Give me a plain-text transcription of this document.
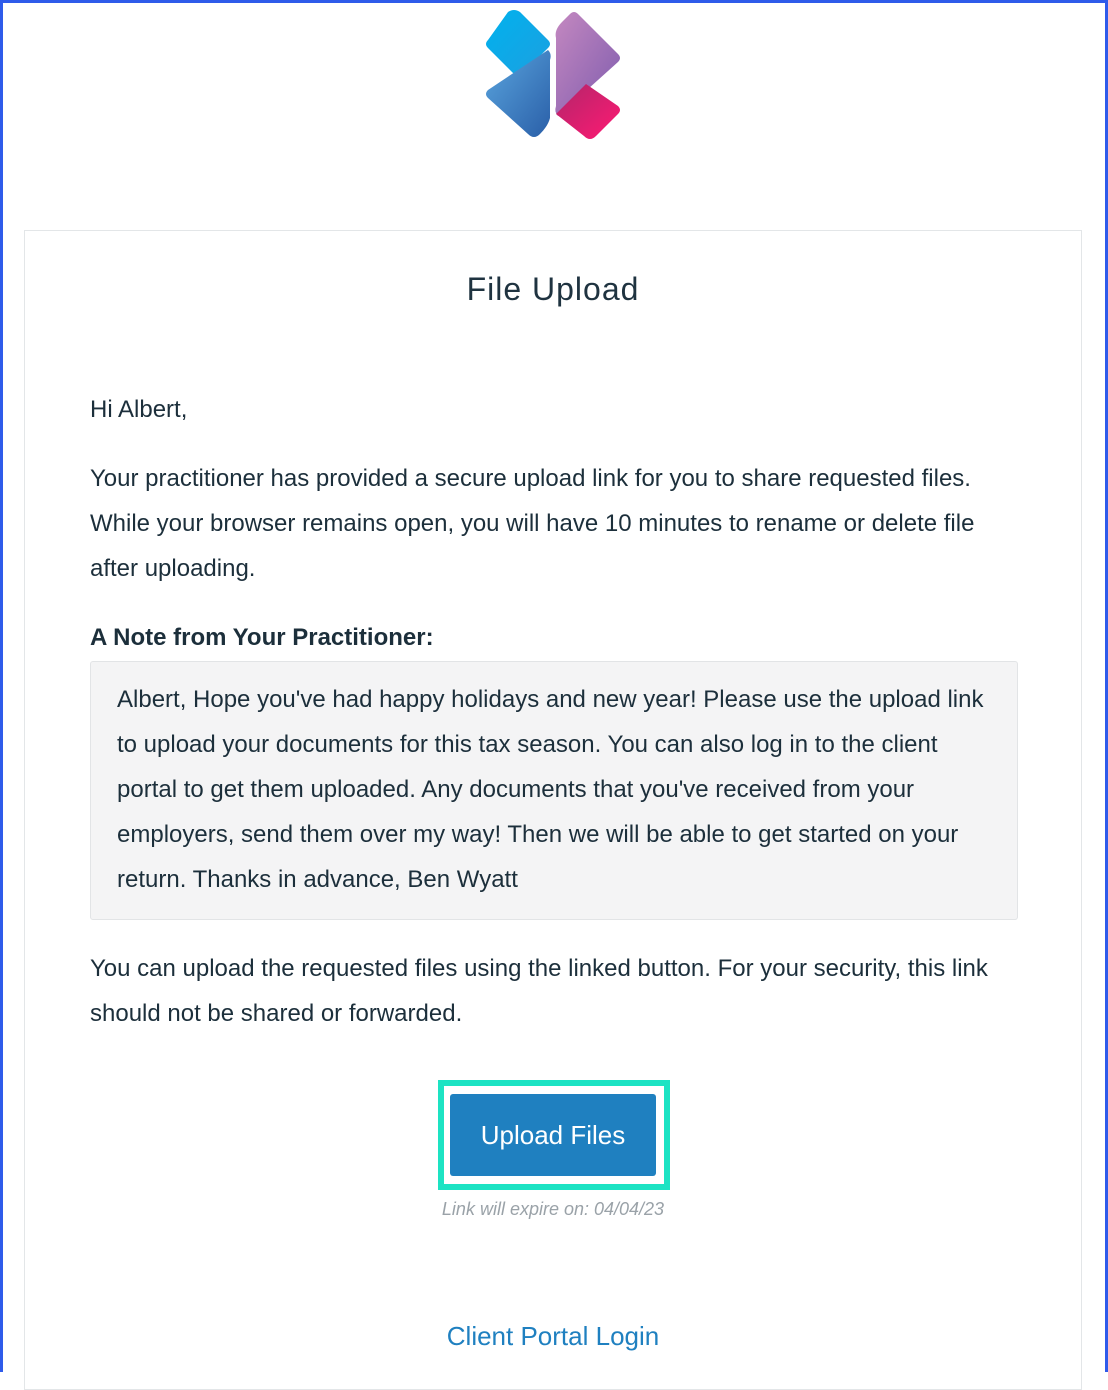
File Upload

Hi Albert,

Your practitioner has provided a secure upload link for you to share requested files. While your browser remains open, you will have 10 minutes to rename or delete file after uploading.

A Note from Your Practitioner:

Albert, Hope you've had happy holidays and new year! Please use the upload link to upload your documents for this tax season. You can also log in to the client portal to get them uploaded. Any documents that you've received from your employers, send them over my way! Then we will be able to get started on your return. Thanks in advance, Ben Wyatt

You can upload the requested files using the linked button. For your security, this link should not be shared or forwarded.

Upload Files
Link will expire on: 04/04/23
Client Portal Login
